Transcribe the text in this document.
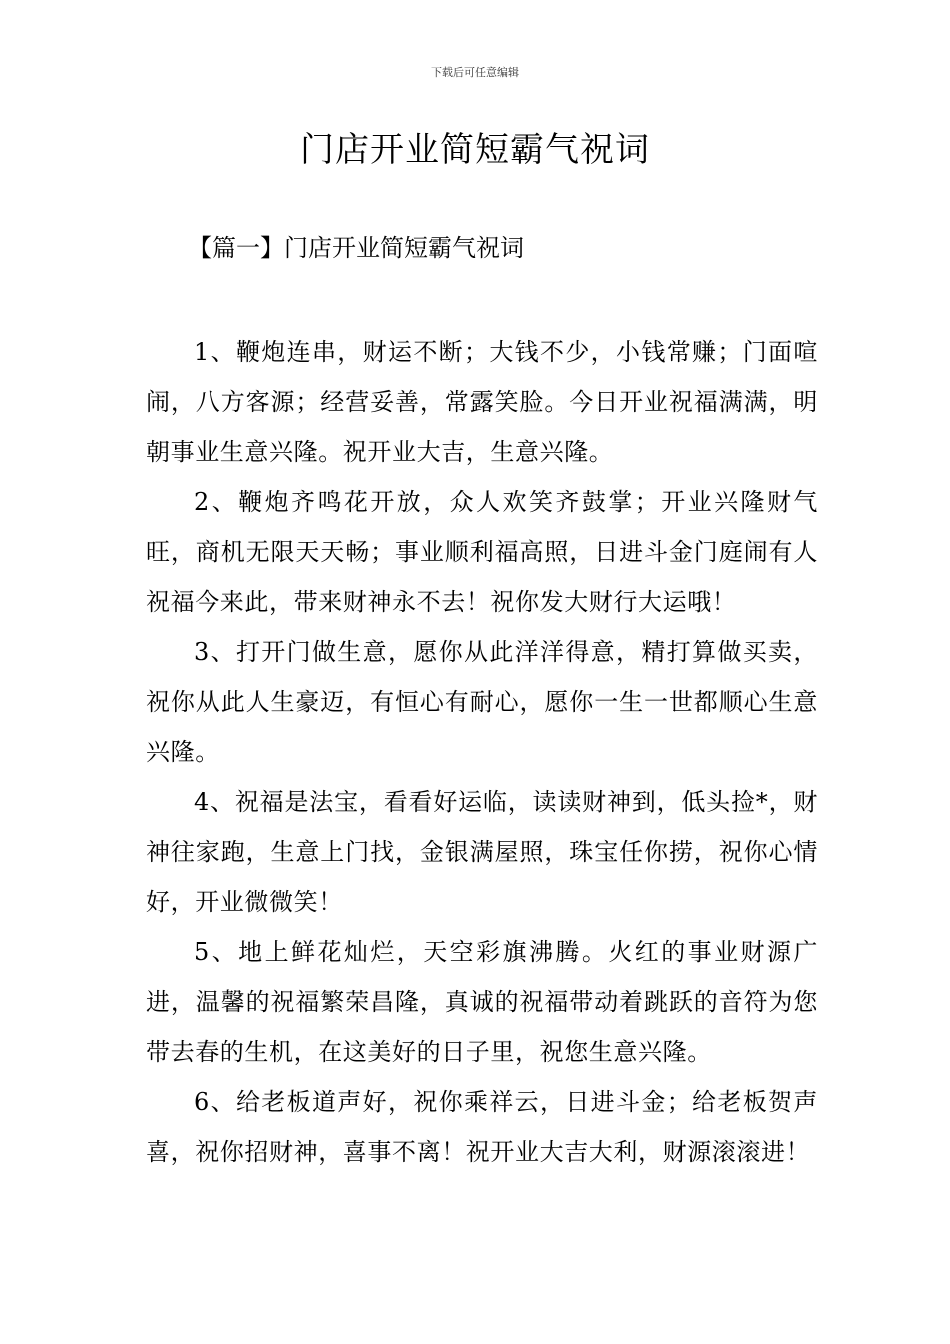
下载后可任意编辑
门店开业简短霸气祝词
【篇一】门店开业简短霸气祝词

1、鞭炮连串，财运不断；大钱不少，小钱常赚；门面喧闹，八方客源；经营妥善，常露笑脸。今日开业祝福满满，明朝事业生意兴隆。祝开业大吉，生意兴隆。

2、鞭炮齐鸣花开放，众人欢笑齐鼓掌；开业兴隆财气旺，商机无限天天畅；事业顺利福高照，日进斗金门庭闹有人祝福今来此，带来财神永不去！祝你发大财行大运哦！

3、打开门做生意，愿你从此洋洋得意，精打算做买卖，祝你从此人生豪迈，有恒心有耐心，愿你一生一世都顺心生意兴隆。

4、祝福是法宝，看看好运临，读读财神到，低头捡*，财神往家跑，生意上门找，金银满屋照，珠宝任你捞，祝你心情好，开业微微笑！

5、地上鲜花灿烂，天空彩旗沸腾。火红的事业财源广进，温馨的祝福繁荣昌隆，真诚的祝福带动着跳跃的音符为您带去春的生机，在这美好的日子里，祝您生意兴隆。

6、给老板道声好，祝你乘祥云，日进斗金；给老板贺声喜，祝你招财神，喜事不离！祝开业大吉大利，财源滚滚进！
